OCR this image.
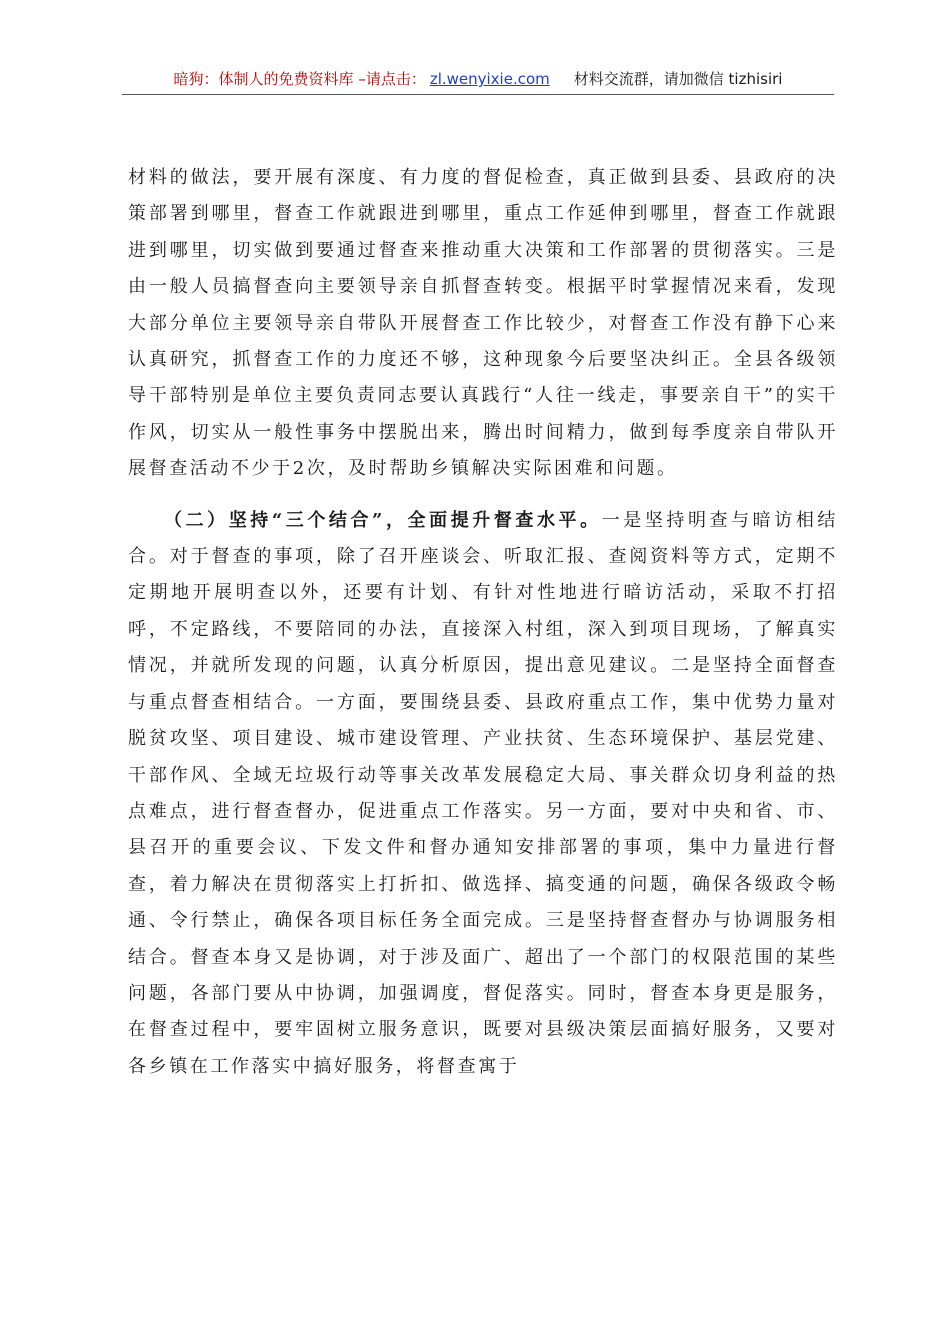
暗狗：体制人的免费资料库 –请点击： zl.wenyixie.com 材料交流群，请加微信 tizhisiri

材料的做法，要开展有深度、有力度的督促检查，真正做到县委、县政府的决策部署到哪里，督查工作就跟进到哪里，重点工作延伸到哪里，督查工作就跟进到哪里，切实做到要通过督查来推动重大决策和工作部署的贯彻落实。三是由一般人员搞督查向主要领导亲自抓督查转变。根据平时掌握情况来看，发现大部分单位主要领导亲自带队开展督查工作比较少，对督查工作没有静下心来认真研究，抓督查工作的力度还不够，这种现象今后要坚决纠正。全县各级领导干部特别是单位主要负责同志要认真践行“人往一线走，事要亲自干”的实干作风，切实从一般性事务中摆脱出来，腾出时间精力，做到每季度亲自带队开展督查活动不少于2次，及时帮助乡镇解决实际困难和问题。

（二）坚持“三个结合”，全面提升督查水平。一是坚持明查与暗访相结合。对于督查的事项，除了召开座谈会、听取汇报、查阅资料等方式，定期不定期地开展明查以外，还要有计划、有针对性地进行暗访活动，采取不打招呼，不定路线，不要陪同的办法，直接深入村组，深入到项目现场，了解真实情况，并就所发现的问题，认真分析原因，提出意见建议。二是坚持全面督查与重点督查相结合。一方面，要围绕县委、县政府重点工作，集中优势力量对脱贫攻坚、项目建设、城市建设管理、产业扶贫、生态环境保护、基层党建、干部作风、全域无垃圾行动等事关改革发展稳定大局、事关群众切身利益的热点难点，进行督查督办，促进重点工作落实。另一方面，要对中央和省、市、县召开的重要会议、下发文件和督办通知安排部署的事项，集中力量进行督查，着力解决在贯彻落实上打折扣、做选择、搞变通的问题，确保各级政令畅通、令行禁止，确保各项目标任务全面完成。三是坚持督查督办与协调服务相结合。督查本身又是协调，对于涉及面广、超出了一个部门的权限范围的某些问题，各部门要从中协调，加强调度，督促落实。同时，督查本身更是服务，在督查过程中，要牢固树立服务意识，既要对县级决策层面搞好服务，又要对各乡镇在工作落实中搞好服务，将督查寓于
